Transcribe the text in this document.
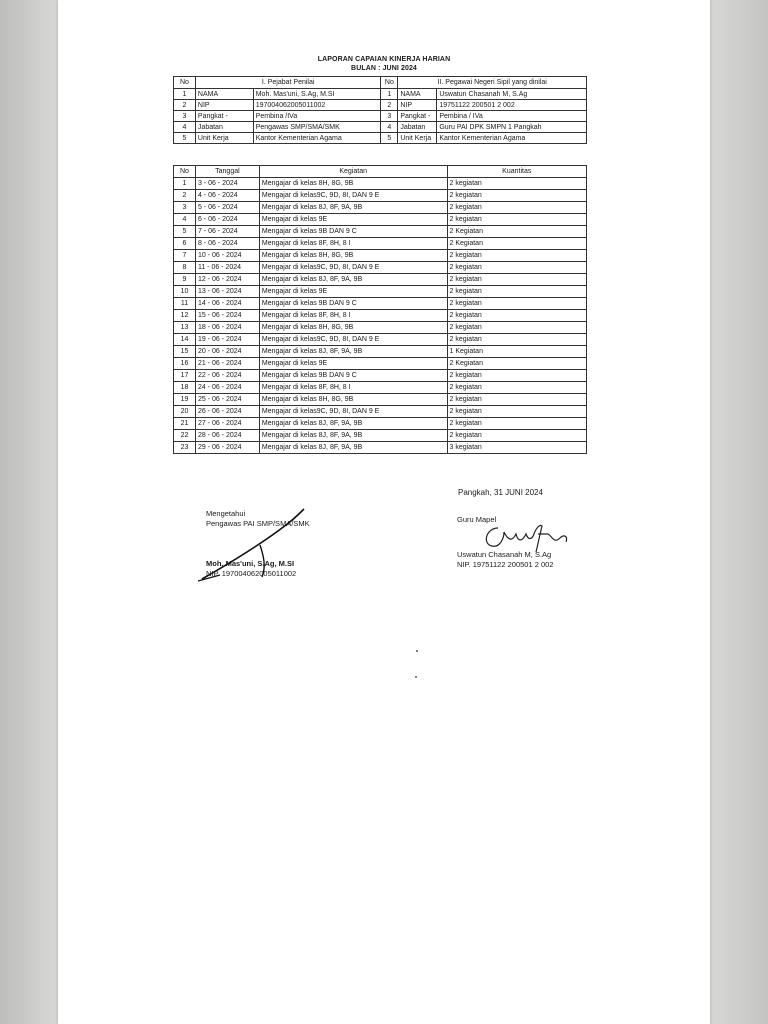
LAPORAN CAPAIAN KINERJA HARIAN
BULAN : JUNI 2024
No	I. Pejabat Penilai		No	II. Pegawai Negeri Sipil yang dinilai	
1	NAMA	Moh. Mas'uni, S.Ag, M.SI	1	NAMA	Uswatun Chasanah M, S.Ag
2	NIP	197004062005011002	2	NIP	19751122 200501 2 002
3	Pangkat -	Pembina /IVa	3	Pangkat -	Pembina / IVa
4	Jabatan	Pengawas SMP/SMA/SMK	4	Jabatan	Guru PAI DPK SMPN 1 Pangkah
5	Unit Kerja	Kantor Kementerian Agama	5	Unit Kerja	Kantor Kementerian Agama
No	Tanggal	Kegiatan	Kuantitas
1	3 - 06 - 2024	Mengajar di kelas 8H, 8G, 9B	2 kegiatan
2	4 - 06 - 2024	Mengajar di kelas9C, 9D, 8I, DAN 9 E	2 kegiatan
3	5 - 06 - 2024	Mengajar di kelas 8J, 8F, 9A, 9B	2 kegiatan
4	6 - 06 - 2024	Mengajar di kelas 9E	2 kegiatan
5	7 - 06 - 2024	Mengajar di kelas 9B DAN 9 C	2 Kegiatan
6	8 - 06 - 2024	Mengajar di kelas 8F, 8H, 8 I	2 Kegiatan
7	10 - 06 - 2024	Mengajar di kelas 8H, 8G, 9B	2 kegiatan
8	11 - 06 - 2024	Mengajar di kelas9C, 9D, 8I, DAN 9 E	2 kegiatan
9	12 - 06 - 2024	Mengajar di kelas 8J, 8F, 9A, 9B	2 kegiatan
10	13 - 06 - 2024	Mengajar di kelas 9E	2 kegiatan
11	14 - 06 - 2024	Mengajar di kelas 9B DAN 9 C	2 kegiatan
12	15 - 06 - 2024	Mengajar di kelas 8F, 8H, 8 I	2 kegiatan
13	18 - 06 - 2024	Mengajar di kelas 8H, 8G, 9B	2 kegiatan
14	19 - 06 - 2024	Mengajar di kelas9C, 9D, 8I, DAN 9 E	2 kegiatan
15	20 - 06 - 2024	Mengajar di kelas 8J, 8F, 9A, 9B	1 Kegiatan
16	21 - 06 - 2024	Mengajar di kelas 9E	2 Kegiatan
17	22 - 06 - 2024	Mengajar di kelas 9B DAN 9 C	2 kegiatan
18	24 - 06 - 2024	Mengajar di kelas 8F, 8H, 8 I	2 kegiatan
19	25 - 06 - 2024	Mengajar di kelas 8H, 8G, 9B	2 kegiatan
20	26 - 06 - 2024	Mengajar di kelas9C, 9D, 8I, DAN 9 E	2 kegiatan
21	27 - 06 - 2024	Mengajar di kelas 8J, 8F, 9A, 9B	2 kegiatan
22	28 - 06 - 2024	Mengajar di kelas 8J, 8F, 9A, 9B	2 kegiatan
23	29 - 06 - 2024	Mengajar di kelas 8J, 8F, 9A, 9B	3 kegiatan
Pangkah, 31 JUNI 2024
Mengetahui
Pengawas PAI SMP/SMA/SMK
Moh. Mas'uni, S.Ag, M.SI
NIP. 197004062005011002
Guru Mapel
Uswatun Chasanah M, S.Ag
NIP. 19751122 200501 2 002
